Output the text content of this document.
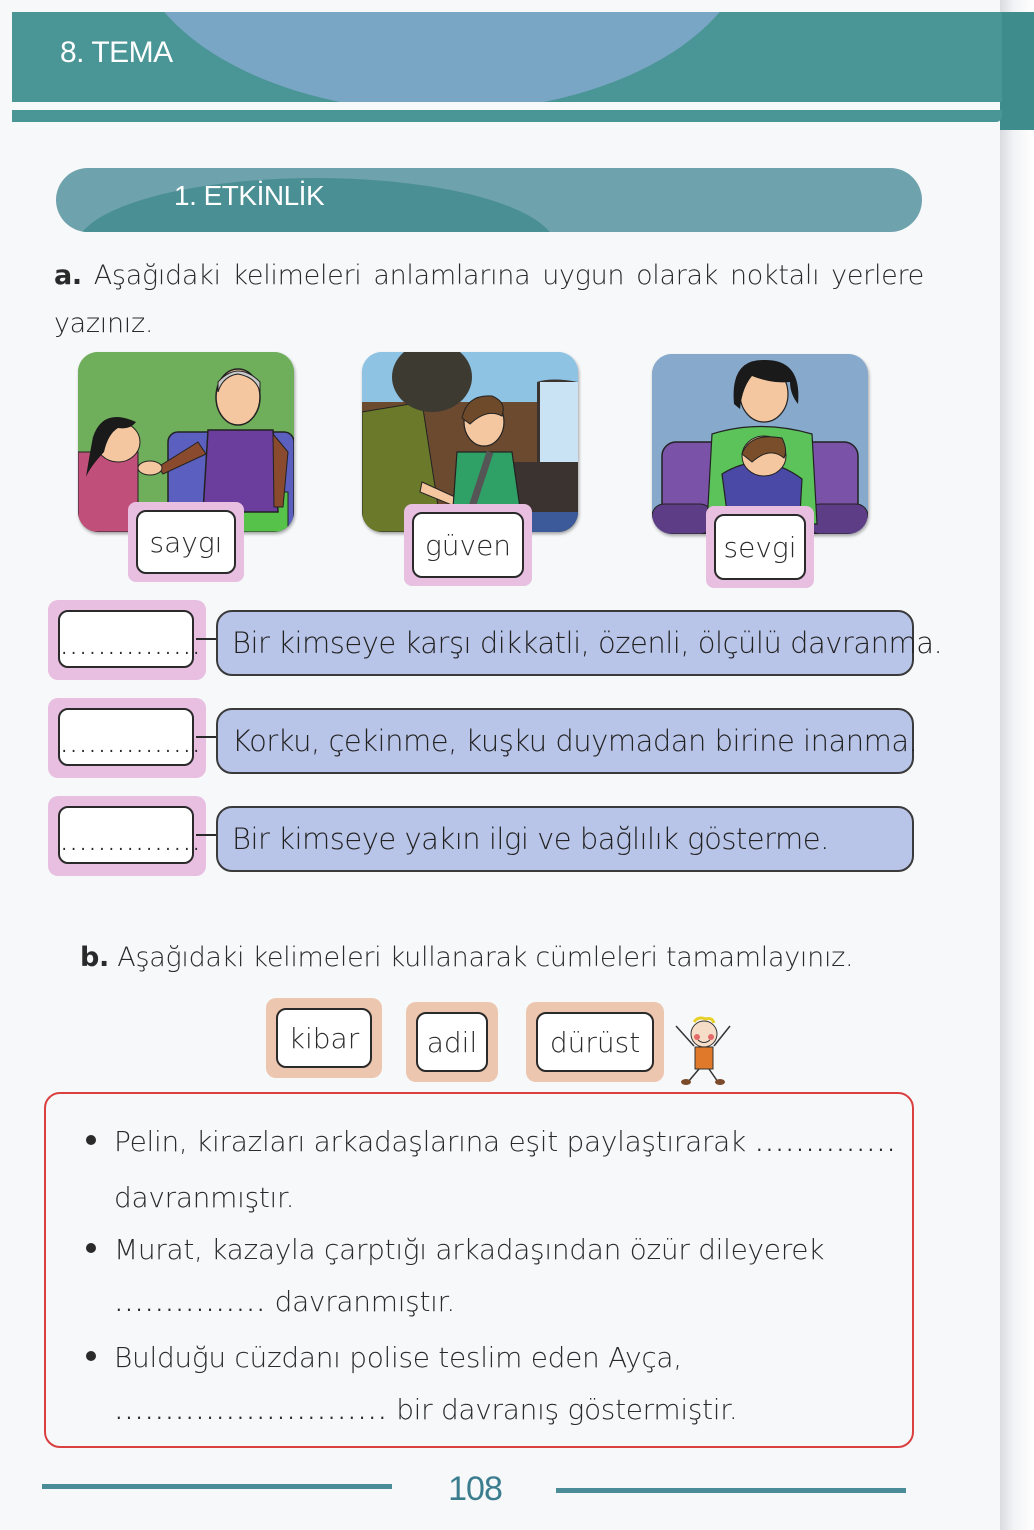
8. TEMA
1. ETKİNLİK
a. Aşağıdaki kelimeleri anlamlarına uygun olarak noktalı yerlere yazınız.
saygı	güven	sevgi
...............	Bir kimseye karşı dikkatli, özenli, ölçülü davranma.
...............	Korku, çekinme, kuşku duymadan birine inanma.
...............	Bir kimseye yakın ilgi ve bağlılık gösterme.
b. Aşağıdaki kelimeleri kullanarak cümleleri tamamlayınız.
kibar	adil	dürüst
Pelin, kirazları arkadaşlarına eşit paylaştırarak .............. davranmıştır.
Murat, kazayla çarptığı arkadaşından özür dileyerek ............... davranmıştır.
Bulduğu cüzdanı polise teslim eden Ayça, ........................... bir davranış göstermiştir.
108
